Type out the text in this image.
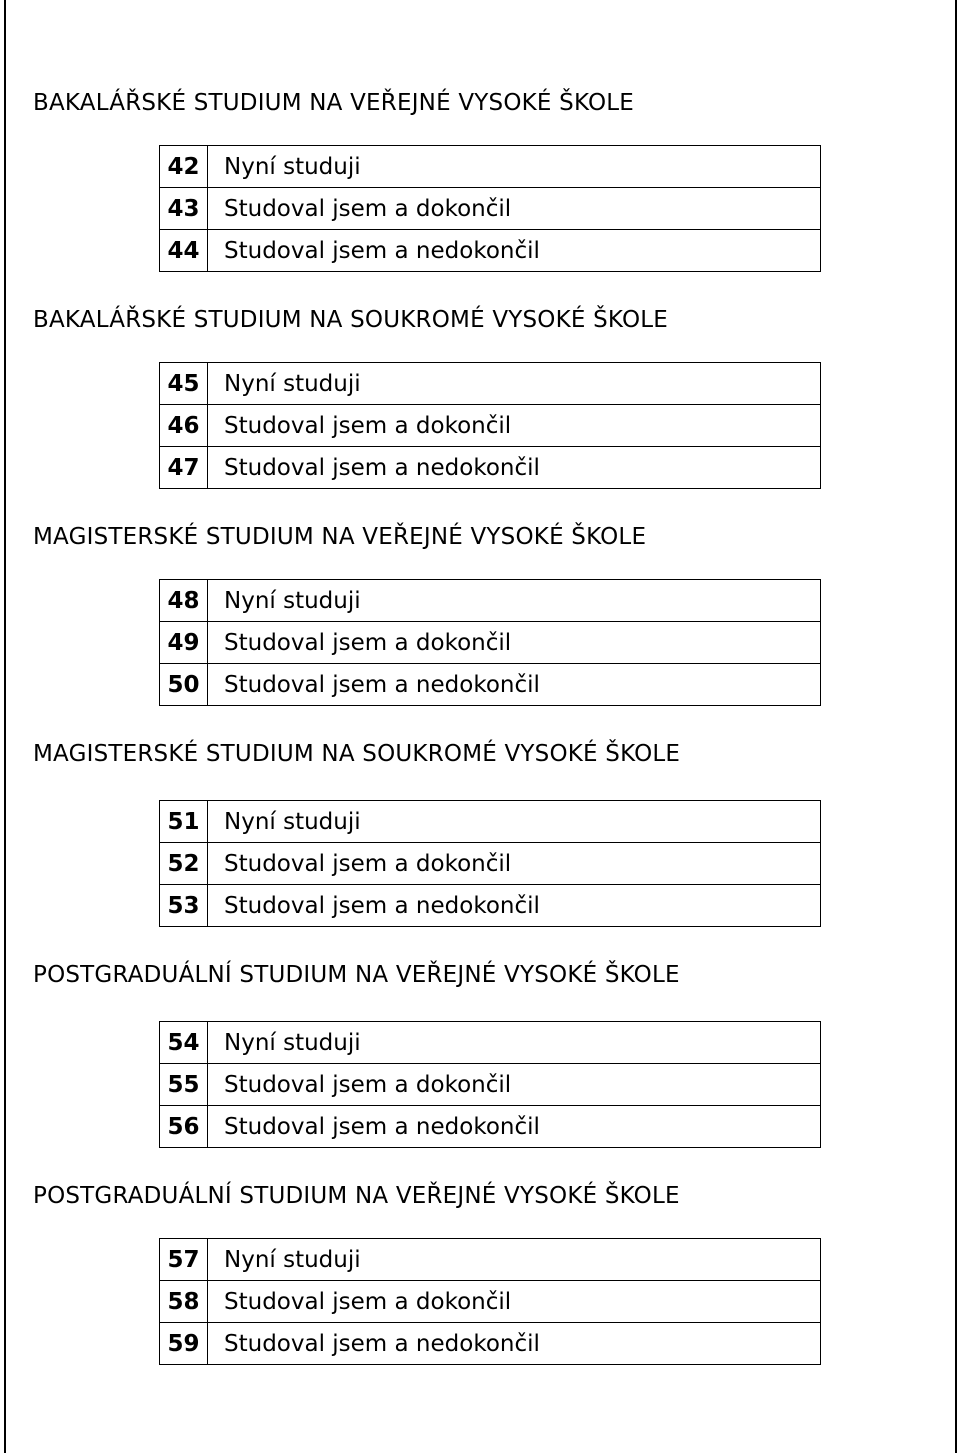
BAKALÁŘSKÉ STUDIUM NA VEŘEJNÉ VYSOKÉ ŠKOLE
42	Nyní studuji
43	Studoval jsem a dokončil
44	Studoval jsem a nedokončil
BAKALÁŘSKÉ STUDIUM NA SOUKROMÉ VYSOKÉ ŠKOLE
45	Nyní studuji
46	Studoval jsem a dokončil
47	Studoval jsem a nedokončil
MAGISTERSKÉ STUDIUM NA VEŘEJNÉ VYSOKÉ ŠKOLE
48	Nyní studuji
49	Studoval jsem a dokončil
50	Studoval jsem a nedokončil
MAGISTERSKÉ STUDIUM NA SOUKROMÉ VYSOKÉ ŠKOLE
51	Nyní studuji
52	Studoval jsem a dokončil
53	Studoval jsem a nedokončil
POSTGRADUÁLNÍ STUDIUM NA VEŘEJNÉ VYSOKÉ ŠKOLE
54	Nyní studuji
55	Studoval jsem a dokončil
56	Studoval jsem a nedokončil
POSTGRADUÁLNÍ STUDIUM NA VEŘEJNÉ VYSOKÉ ŠKOLE
57	Nyní studuji
58	Studoval jsem a dokončil
59	Studoval jsem a nedokončil
